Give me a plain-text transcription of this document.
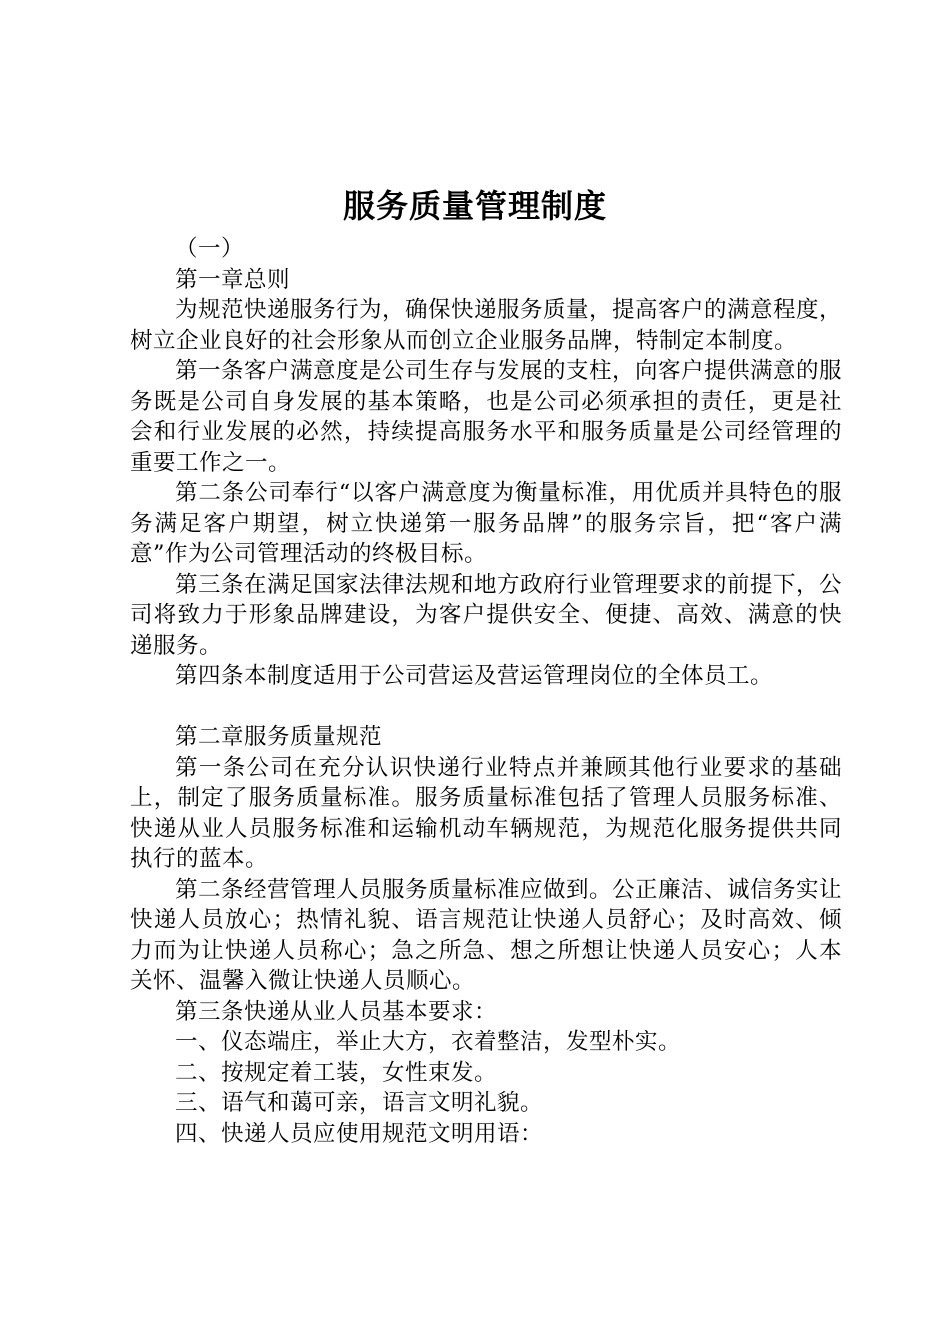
服务质量管理制度

（一）

第一章总则

为规范快递服务行为，确保快递服务质量，提高客户的满意程度，树立企业良好的社会形象从而创立企业服务品牌，特制定本制度。

第一条客户满意度是公司生存与发展的支柱，向客户提供满意的服务既是公司自身发展的基本策略，也是公司必须承担的责任，更是社会和行业发展的必然，持续提高服务水平和服务质量是公司经管理的重要工作之一。

第二条公司奉行“以客户满意度为衡量标准，用优质并具特色的服务满足客户期望，树立快递第一服务品牌”的服务宗旨，把“客户满意”作为公司管理活动的终极目标。

第三条在满足国家法律法规和地方政府行业管理要求的前提下，公司将致力于形象品牌建设，为客户提供安全、便捷、高效、满意的快递服务。

第四条本制度适用于公司营运及营运管理岗位的全体员工。

第二章服务质量规范

第一条公司在充分认识快递行业特点并兼顾其他行业要求的基础上，制定了服务质量标准。服务质量标准包括了管理人员服务标准、快递从业人员服务标准和运输机动车辆规范，为规范化服务提供共同执行的蓝本。

第二条经营管理人员服务质量标准应做到。公正廉洁、诚信务实让快递人员放心；热情礼貌、语言规范让快递人员舒心；及时高效、倾力而为让快递人员称心；急之所急、想之所想让快递人员安心；人本关怀、温馨入微让快递人员顺心。

第三条快递从业人员基本要求：

一、仪态端庄，举止大方，衣着整洁，发型朴实。

二、按规定着工装，女性束发。

三、语气和蔼可亲，语言文明礼貌。

四、快递人员应使用规范文明用语：
